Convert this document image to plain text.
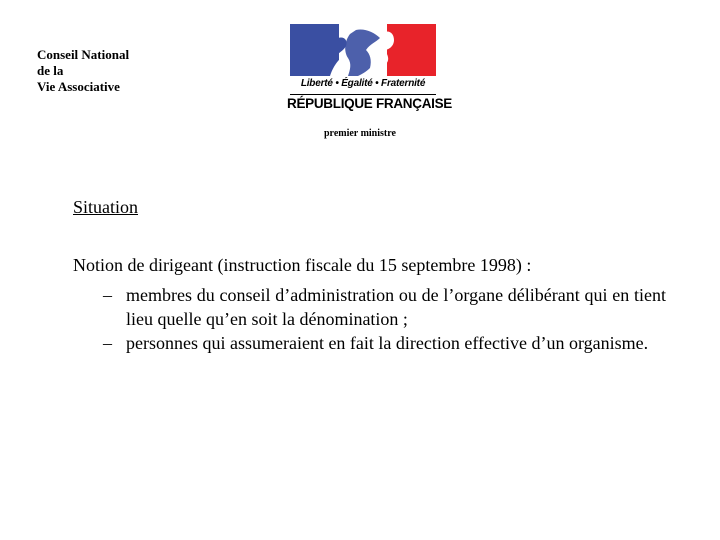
Conseil National
de la
Vie Associative	Liberté • Égalité • Fraternité
RÉPUBLIQUE FRANÇAISE
premier ministre
Situation
Notion de dirigeant (instruction fiscale du 15 septembre 1998) :
– membres du conseil d’administration ou de l’organe délibérant qui en tient lieu quelle qu’en soit la dénomination ;
– personnes qui assumeraient en fait la direction effective d’un organisme.
